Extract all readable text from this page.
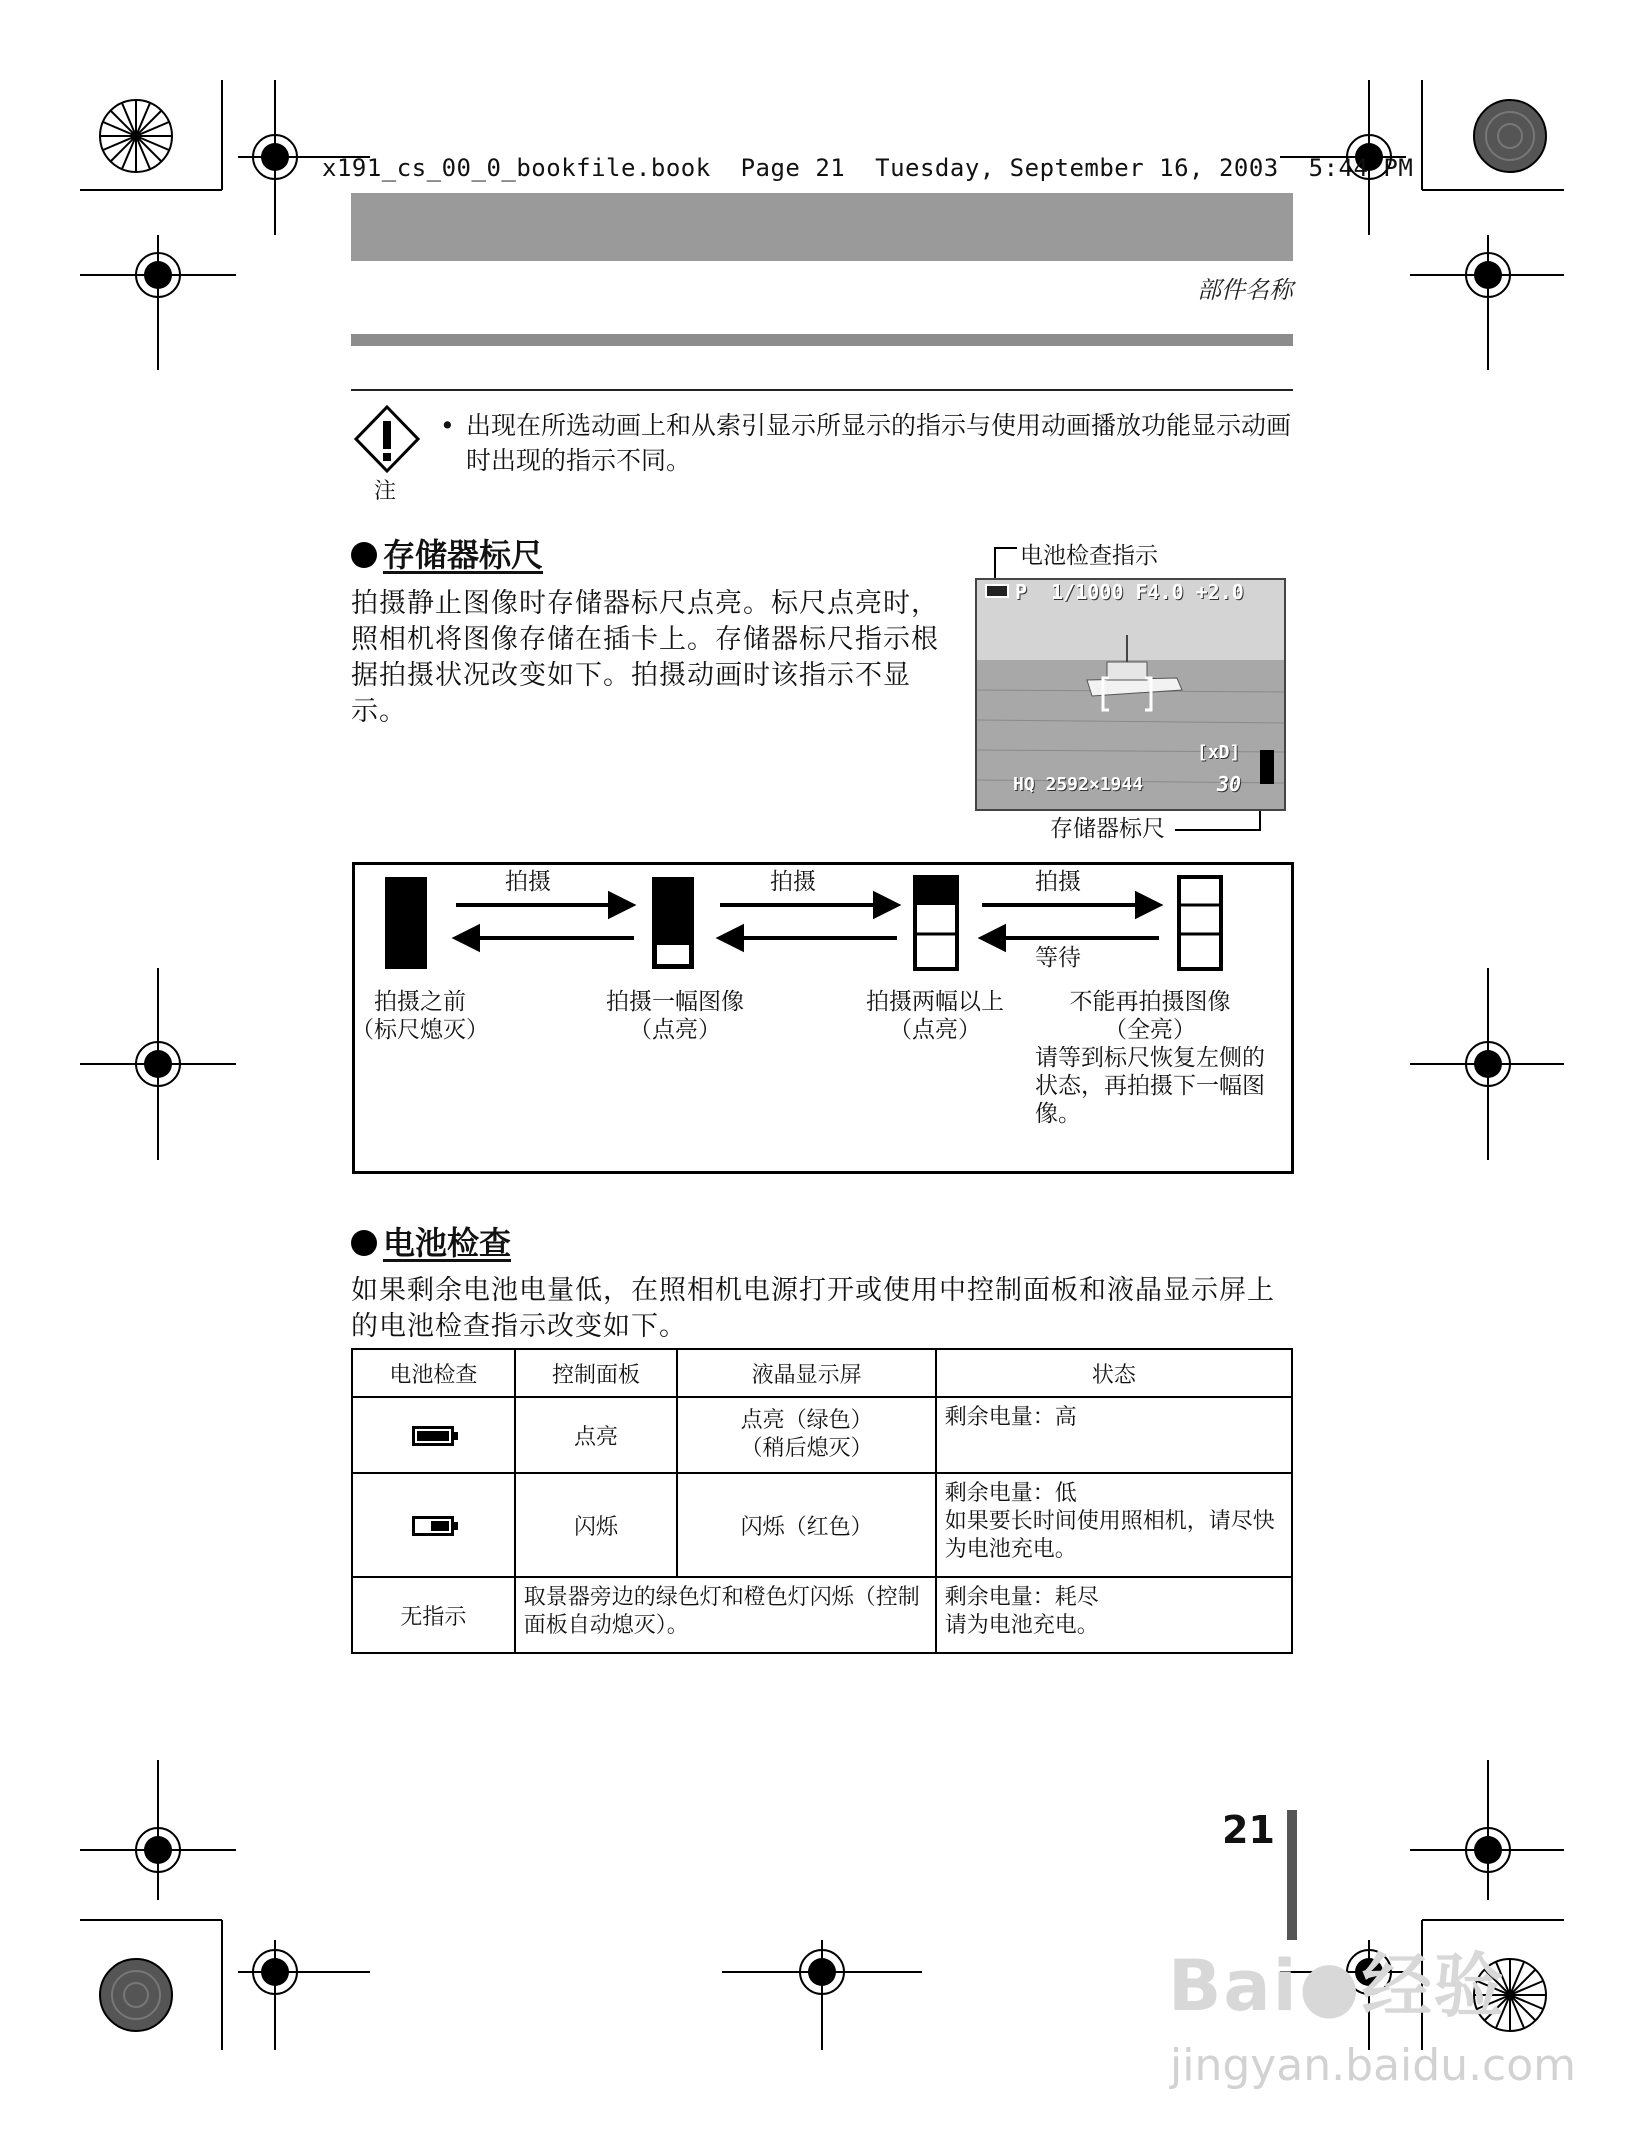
x191_cs_00_0_bookfile.book  Page 21  Tuesday, September 16, 2003  5:44 PM
部件名称
注
• 出现在所选动画上和从索引显示所显示的指示与使用动画播放功能显示动画时出现的指示不同。
存储器标尺
拍摄静止图像时存储器标尺点亮。标尺点亮时，照相机将图像存储在插卡上。存储器标尺指示根据拍摄状况改变如下。拍摄动画时该指示不显示。
电池检查指示
存储器标尺
P  1/1000 F4.0 +2.0
[xD]
HQ 2592×1944	30
拍摄	拍摄	拍摄
等待
拍摄之前
（标尺熄灭）
拍摄一幅图像
（点亮）
拍摄两幅以上
（点亮）
不能再拍摄图像
（全亮）
请等到标尺恢复左侧的状态，再拍摄下一幅图像。
电池检查
如果剩余电池电量低，在照相机电源打开或使用中控制面板和液晶显示屏上的电池检查指示改变如下。
电池检查	控制面板	液晶显示屏	状态

	点亮	点亮（绿色）
（稍后熄灭）	剩余电量：高

	闪烁	闪烁（红色）	剩余电量：低
如果要长时间使用照相机，请尽快为电池充电。
无指示	取景器旁边的绿色灯和橙色灯闪烁（控制面板自动熄灭）。		剩余电量：耗尽
请为电池充电。
21
Bai●经验
jingyan.baidu.com
